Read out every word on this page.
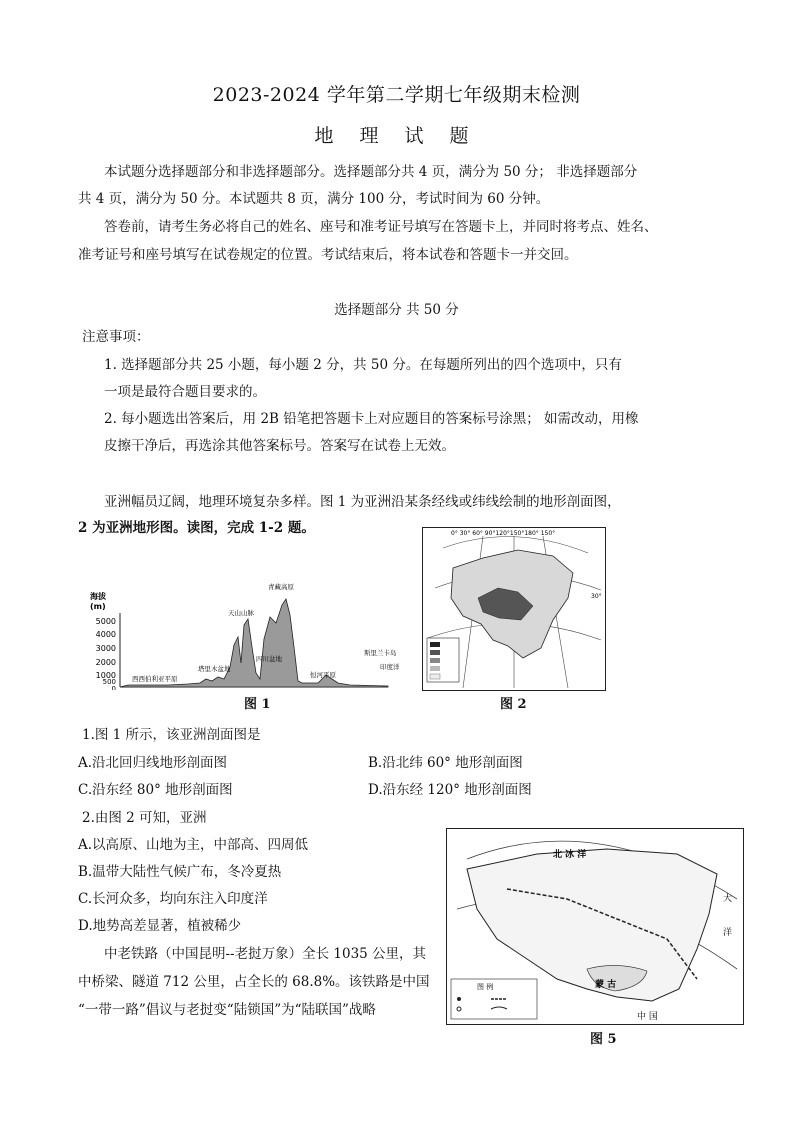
2023-2024 学年第二学期七年级期末检测
地 理 试 题
本试题分选择题部分和非选择题部分。选择题部分共 4 页，满分为 50 分； 非选择题部分
共 4 页，满分为 50 分。本试题共 8 页，满分 100 分，考试时间为 60 分钟。
答卷前，请考生务必将自己的姓名、座号和准考证号填写在答题卡上，并同时将考点、姓名、
准考证号和座号填写在试卷规定的位置。考试结束后，将本试卷和答题卡一并交回。
选择题部分 共 50 分
注意事项：
1. 选择题部分共 25 小题，每小题 2 分，共 50 分。在每题所列出的四个选项中，只有
一项是最符合题目要求的。
2. 每小题选出答案后，用 2B 铅笔把答题卡上对应题目的答案标号涂黑； 如需改动，用橡
皮擦干净后，再选涂其他答案标号。答案写在试卷上无效。
亚洲幅员辽阔，地理环境复杂多样。图 1 为亚洲沿某条经线或纬线绘制的地形剖面图，
2 为亚洲地形图。读图，完成 1-2 题。
海拔
(m)
5000
4000
3000
2000
1000
500
0
西西伯利亚平原
天山山脉
塔里木盆地
青藏高原
四川盆地
恒河平原
斯里兰卡岛
印度洋
图 1
0° 30° 60° 90°120°150°180° 150°
30°
图 2
1.图 1 所示，该亚洲剖面图是
A.沿北回归线地形剖面图	B.沿北纬 60° 地形剖面图
C.沿东经 80° 地形剖面图	D.沿东经 120° 地形剖面图
2.由图 2 可知，亚洲
A.以高原、山地为主，中部高、四周低
B.温带大陆性气候广布，冬冷夏热
C.长河众多，均向东注入印度洋
D.地势高差显著，植被稀少
中老铁路（中国昆明--老挝万象）全长 1035 公里，其
中桥梁、隧道 712 公里，占全长的 68.8%。该铁路是中国
“一带一路”倡议与老挝变“陆锁国”为“陆联国”战略
北 冰 洋
大
洋
蒙 古
中 国
图 例
图 5
